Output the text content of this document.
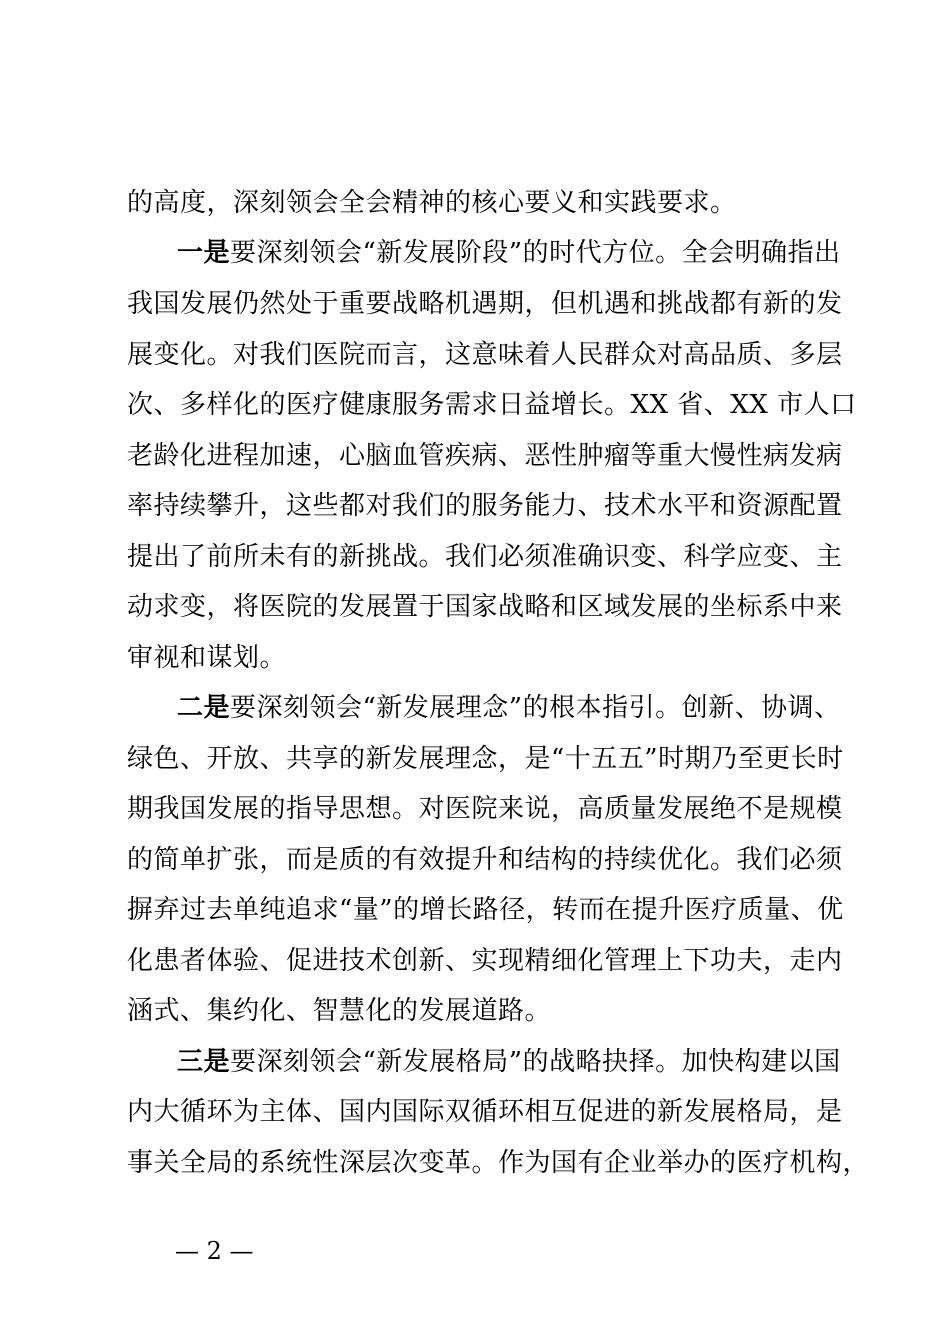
的高度，深刻领会全会精神的核心要义和实践要求。
一是要深刻领会“新发展阶段”的时代方位。全会明确指出
我国发展仍然处于重要战略机遇期，但机遇和挑战都有新的发
展变化。对我们医院而言，这意味着人民群众对高品质、多层
次、多样化的医疗健康服务需求日益增长。XX 省、XX 市人口
老龄化进程加速，心脑血管疾病、恶性肿瘤等重大慢性病发病
率持续攀升，这些都对我们的服务能力、技术水平和资源配置
提出了前所未有的新挑战。我们必须准确识变、科学应变、主
动求变，将医院的发展置于国家战略和区域发展的坐标系中来
审视和谋划。
二是要深刻领会“新发展理念”的根本指引。创新、协调、
绿色、开放、共享的新发展理念，是“十五五”时期乃至更长时
期我国发展的指导思想。对医院来说，高质量发展绝不是规模
的简单扩张，而是质的有效提升和结构的持续优化。我们必须
摒弃过去单纯追求“量”的增长路径，转而在提升医疗质量、优
化患者体验、促进技术创新、实现精细化管理上下功夫，走内
涵式、集约化、智慧化的发展道路。
三是要深刻领会“新发展格局”的战略抉择。加快构建以国
内大循环为主体、国内国际双循环相互促进的新发展格局，是
事关全局的系统性深层次变革。作为国有企业举办的医疗机构，
— 2 —
